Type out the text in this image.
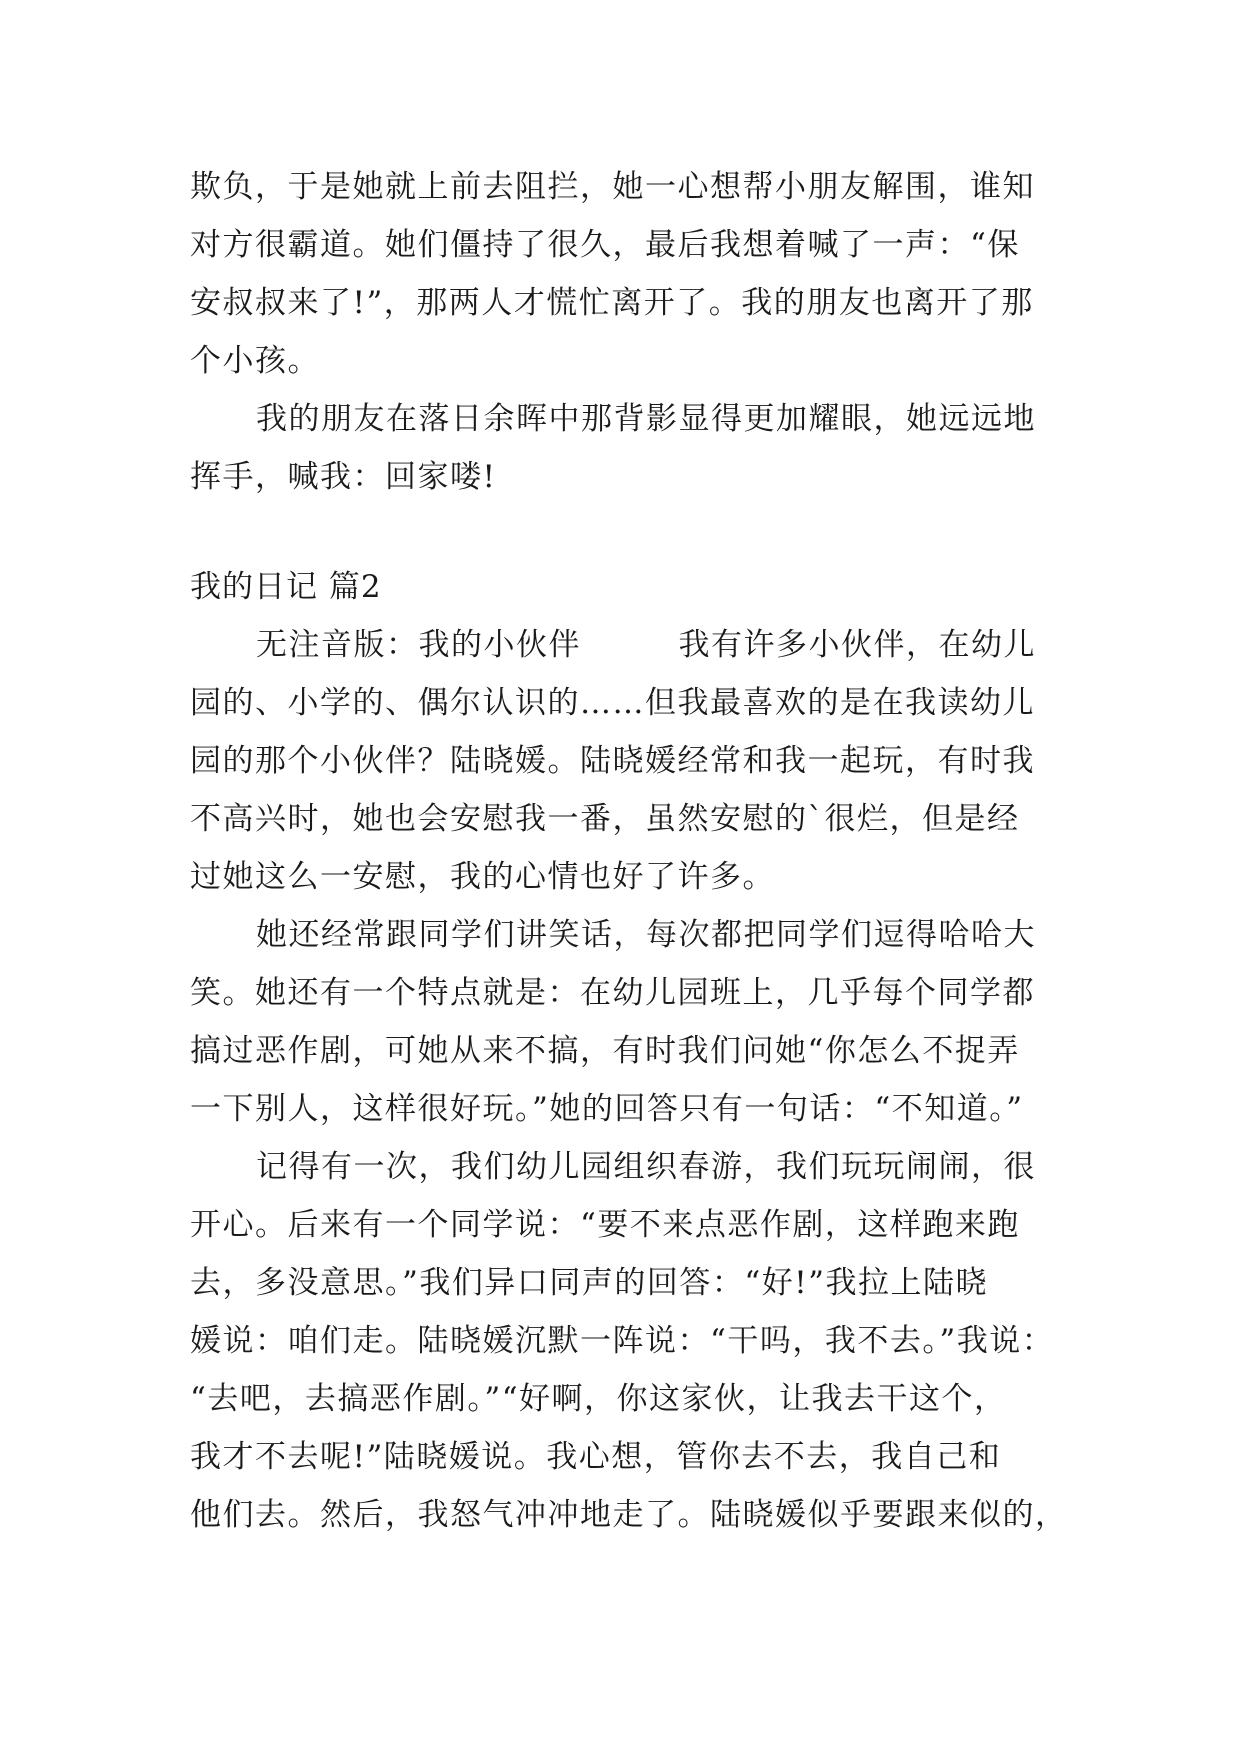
欺负，于是她就上前去阻拦，她一心想帮小朋友解围，谁知
对方很霸道。她们僵持了很久，最后我想着喊了一声：“保
安叔叔来了!”，那两人才慌忙离开了。我的朋友也离开了那
个小孩。
我的朋友在落日余晖中那背影显得更加耀眼，她远远地
挥手，喊我：回家喽!
我的日记 篇2
无注音版：我的小伙伴　　　我有许多小伙伴，在幼儿
园的、小学的、偶尔认识的……但我最喜欢的是在我读幼儿
园的那个小伙伴？陆晓媛。陆晓媛经常和我一起玩，有时我
不高兴时，她也会安慰我一番，虽然安慰的`很烂，但是经
过她这么一安慰，我的心情也好了许多。
她还经常跟同学们讲笑话，每次都把同学们逗得哈哈大
笑。她还有一个特点就是：在幼儿园班上，几乎每个同学都
搞过恶作剧，可她从来不搞，有时我们问她“你怎么不捉弄
一下别人，这样很好玩。”她的回答只有一句话：“不知道。”
记得有一次，我们幼儿园组织春游，我们玩玩闹闹，很
开心。后来有一个同学说：“要不来点恶作剧，这样跑来跑
去，多没意思。”我们异口同声的回答：“好!”我拉上陆晓
媛说：咱们走。陆晓媛沉默一阵说：“干吗，我不去。”我说：
“去吧，去搞恶作剧。”“好啊，你这家伙，让我去干这个，
我才不去呢!”陆晓媛说。我心想，管你去不去，我自己和
他们去。然后，我怒气冲冲地走了。陆晓媛似乎要跟来似的，
